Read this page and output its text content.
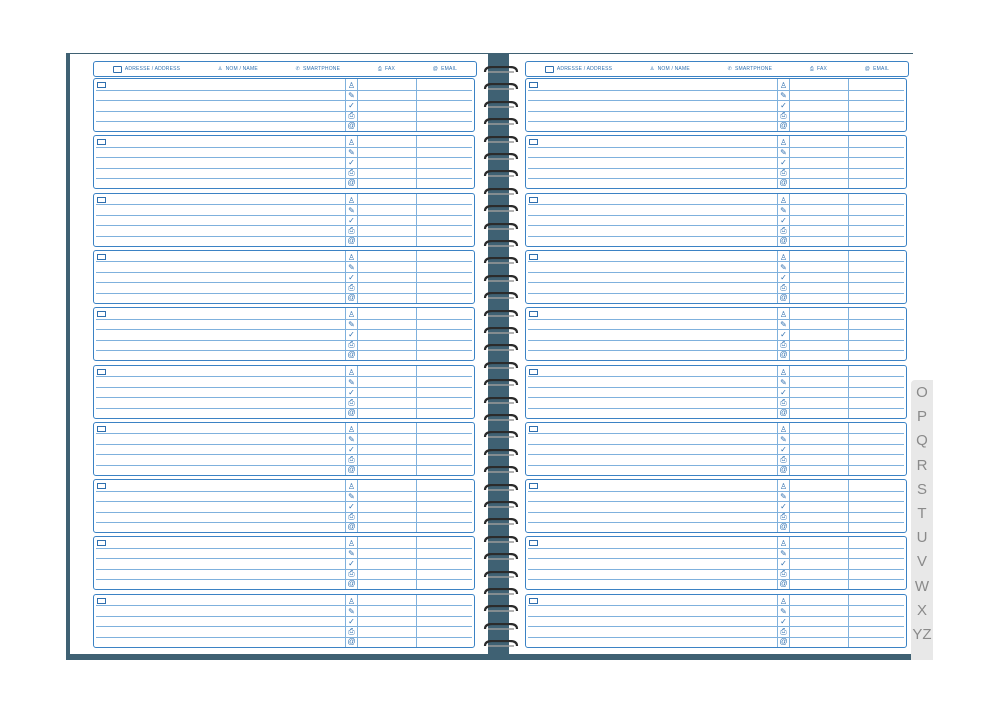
ADRESSE / ADDRESS	♙ NOM / NAME	✆ SMARTPHONE	⎙ FAX	@ EMAIL
♙
✎
✓
⎙
@
♙
✎
✓
⎙
@
♙
✎
✓
⎙
@
♙
✎
✓
⎙
@
♙
✎
✓
⎙
@
♙
✎
✓
⎙
@
♙
✎
✓
⎙
@
♙
✎
✓
⎙
@
♙
✎
✓
⎙
@
♙
✎
✓
⎙
@
ADRESSE / ADDRESS	♙ NOM / NAME	✆ SMARTPHONE	⎙ FAX	@ EMAIL
♙
✎
✓
⎙
@
♙
✎
✓
⎙
@
♙
✎
✓
⎙
@
♙
✎
✓
⎙
@
♙
✎
✓
⎙
@
♙
✎
✓
⎙
@
♙
✎
✓
⎙
@
♙
✎
✓
⎙
@
♙
✎
✓
⎙
@
♙
✎
✓
⎙
@
O
P
Q
R
S
T
U
V
W
X
YZ
